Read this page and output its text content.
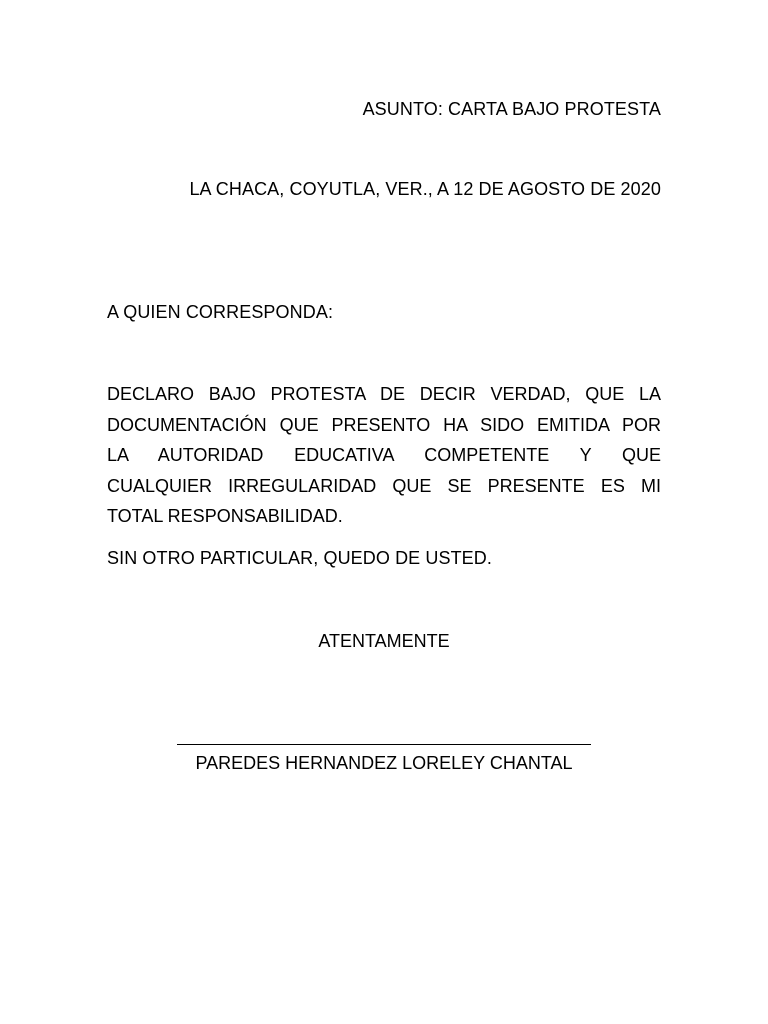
ASUNTO: CARTA BAJO PROTESTA
LA CHACA, COYUTLA, VER., A 12 DE AGOSTO DE 2020
A QUIEN CORRESPONDA:
DECLARO BAJO PROTESTA DE DECIR VERDAD, QUE LA
DOCUMENTACIÓN QUE PRESENTO HA SIDO EMITIDA POR
LA AUTORIDAD EDUCATIVA COMPETENTE Y QUE
CUALQUIER IRREGULARIDAD QUE SE PRESENTE ES MI
TOTAL RESPONSABILIDAD.
SIN OTRO PARTICULAR, QUEDO DE USTED.
ATENTAMENTE
PAREDES HERNANDEZ LORELEY CHANTAL
